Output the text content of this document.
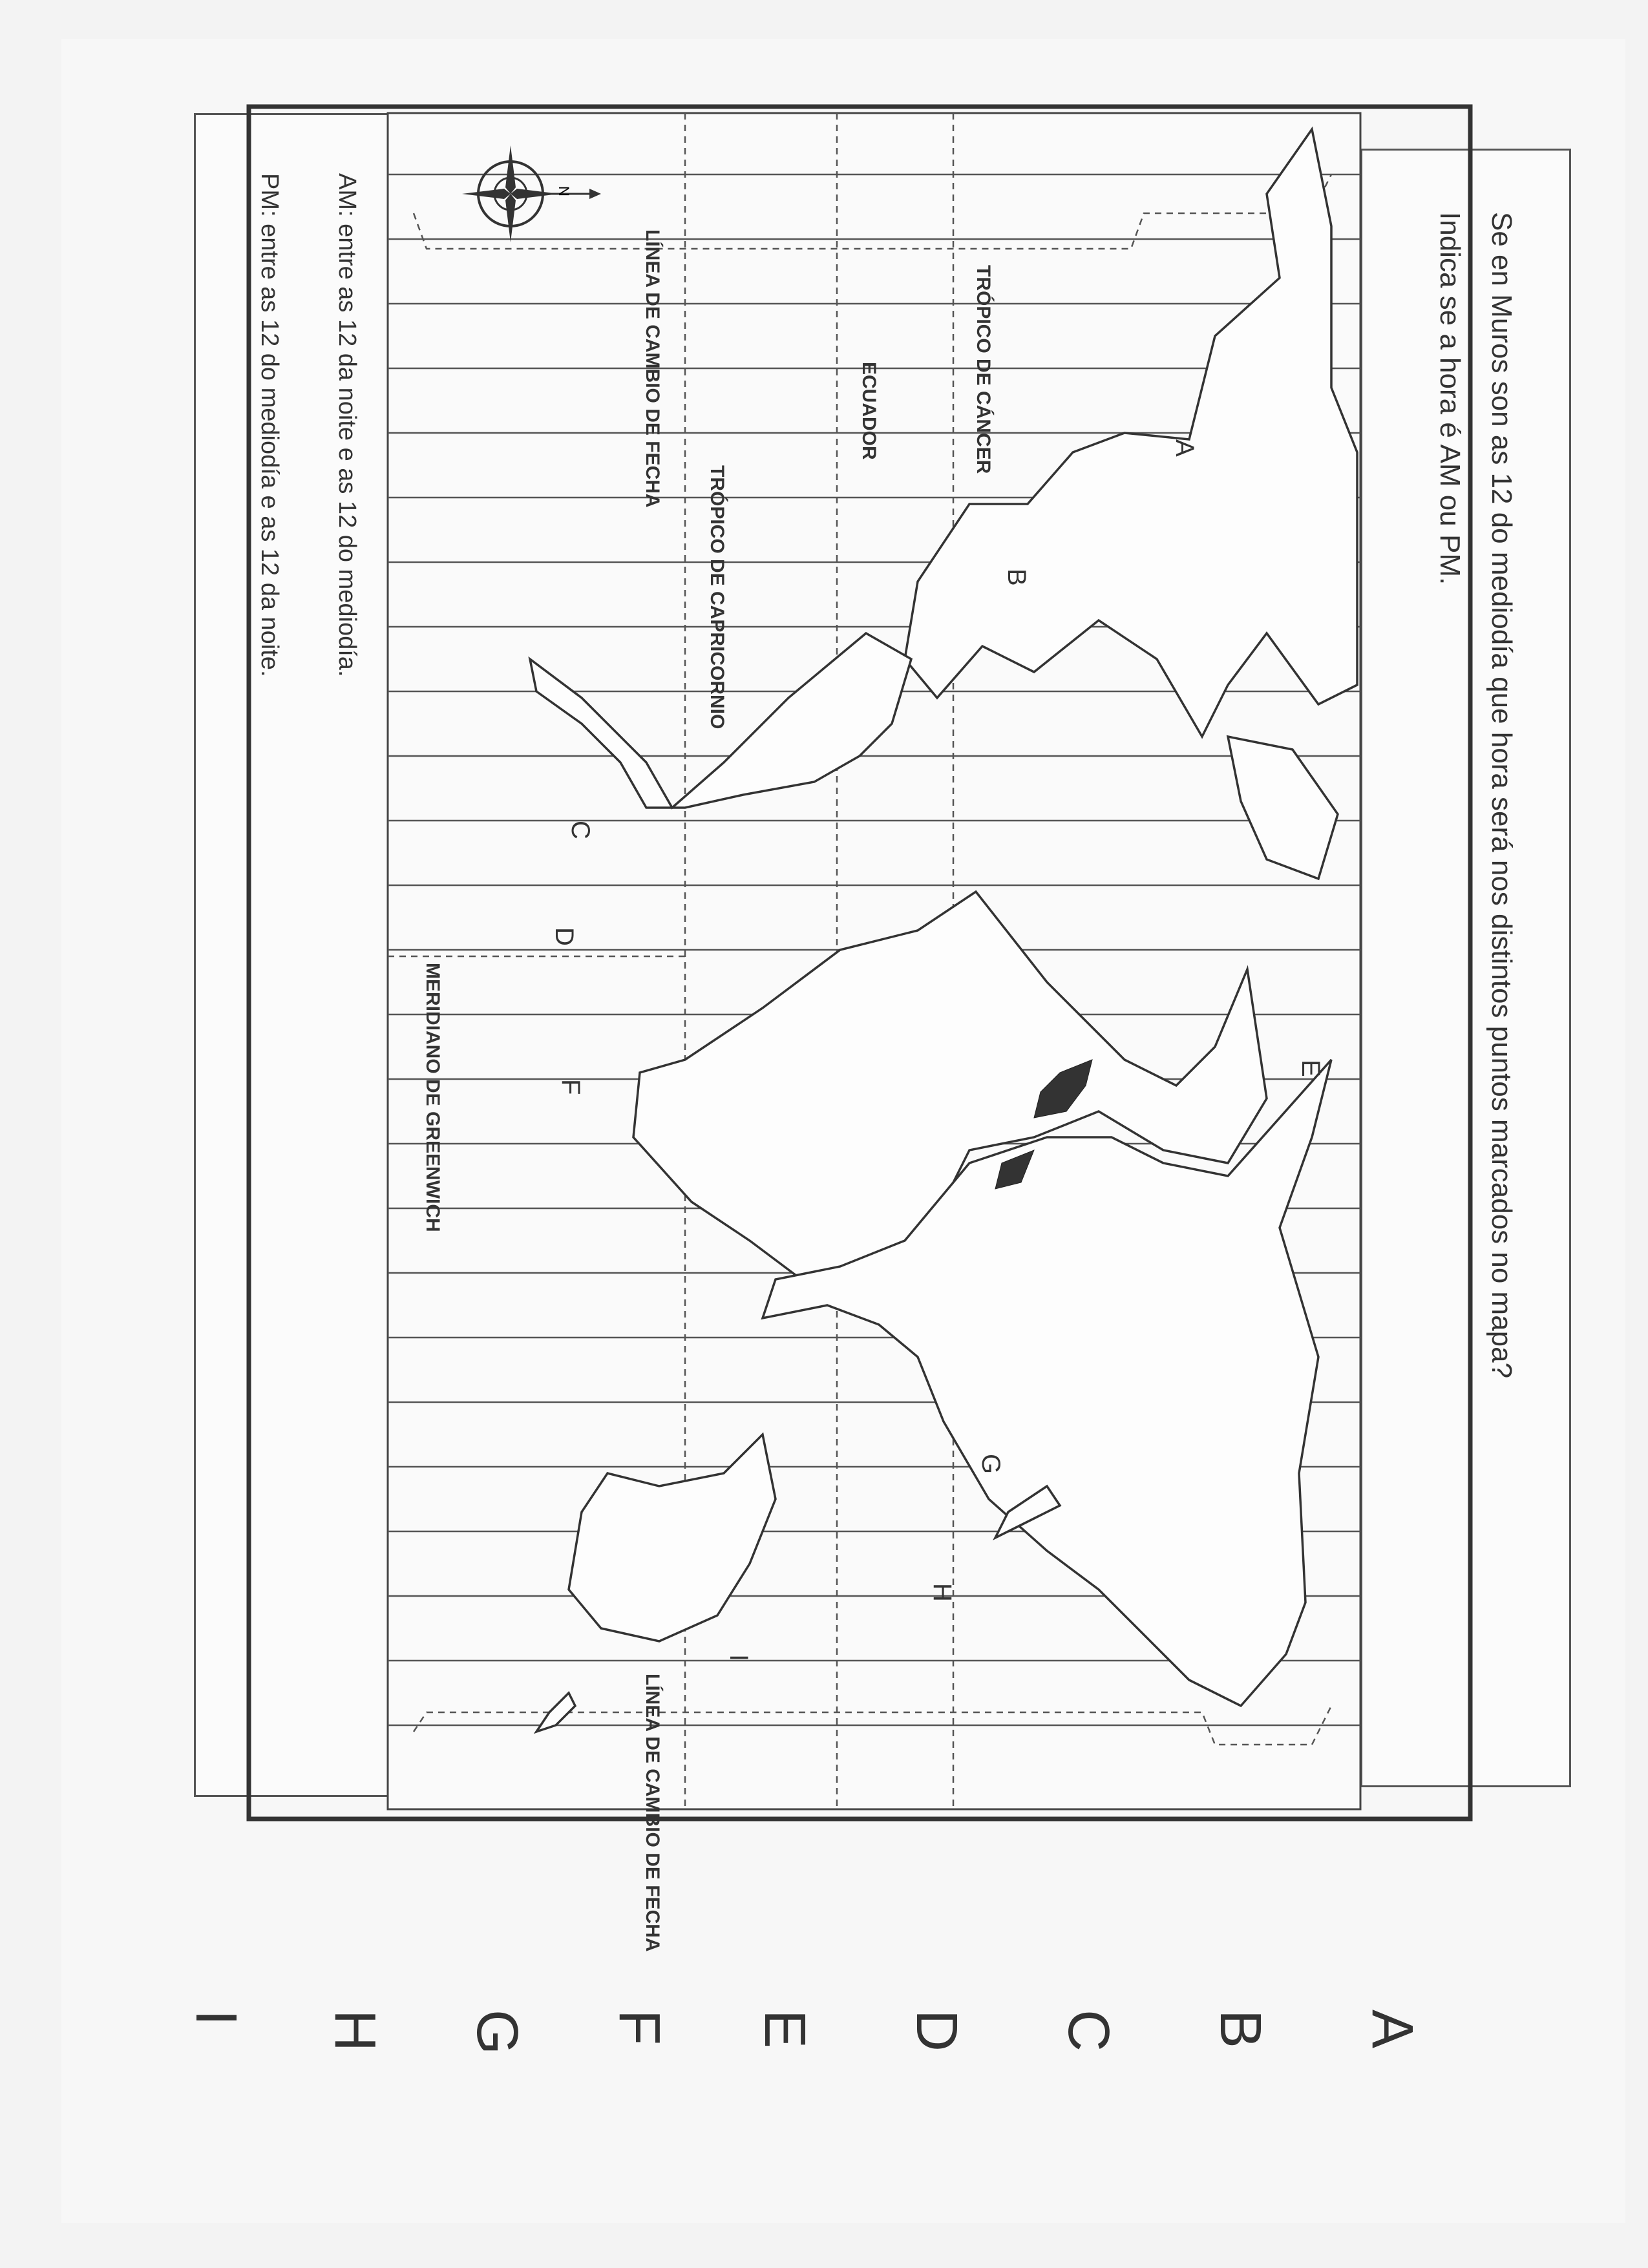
Se en Muros son as 12 do mediodía que hora será nos distintos puntos marcados no mapa?
Indica se a hora é AM ou PM.
AM: entre as 12 da noite e as 12 do mediodía.
PM: entre as 12 do mediodía e as 12 da noite.	N
LÍNEA DE CAMBIO DE FECHA
LÍNEA DE CAMBIO DE FECHA
TRÓPICO DE CÁNCER
ECUADOR
TRÓPICO DE CAPRICORNIO
MERIDIANO DE GREENWICH
A
B
C
D
E
F
G
H
I
A
B
C
D
E
F
G
H
I
